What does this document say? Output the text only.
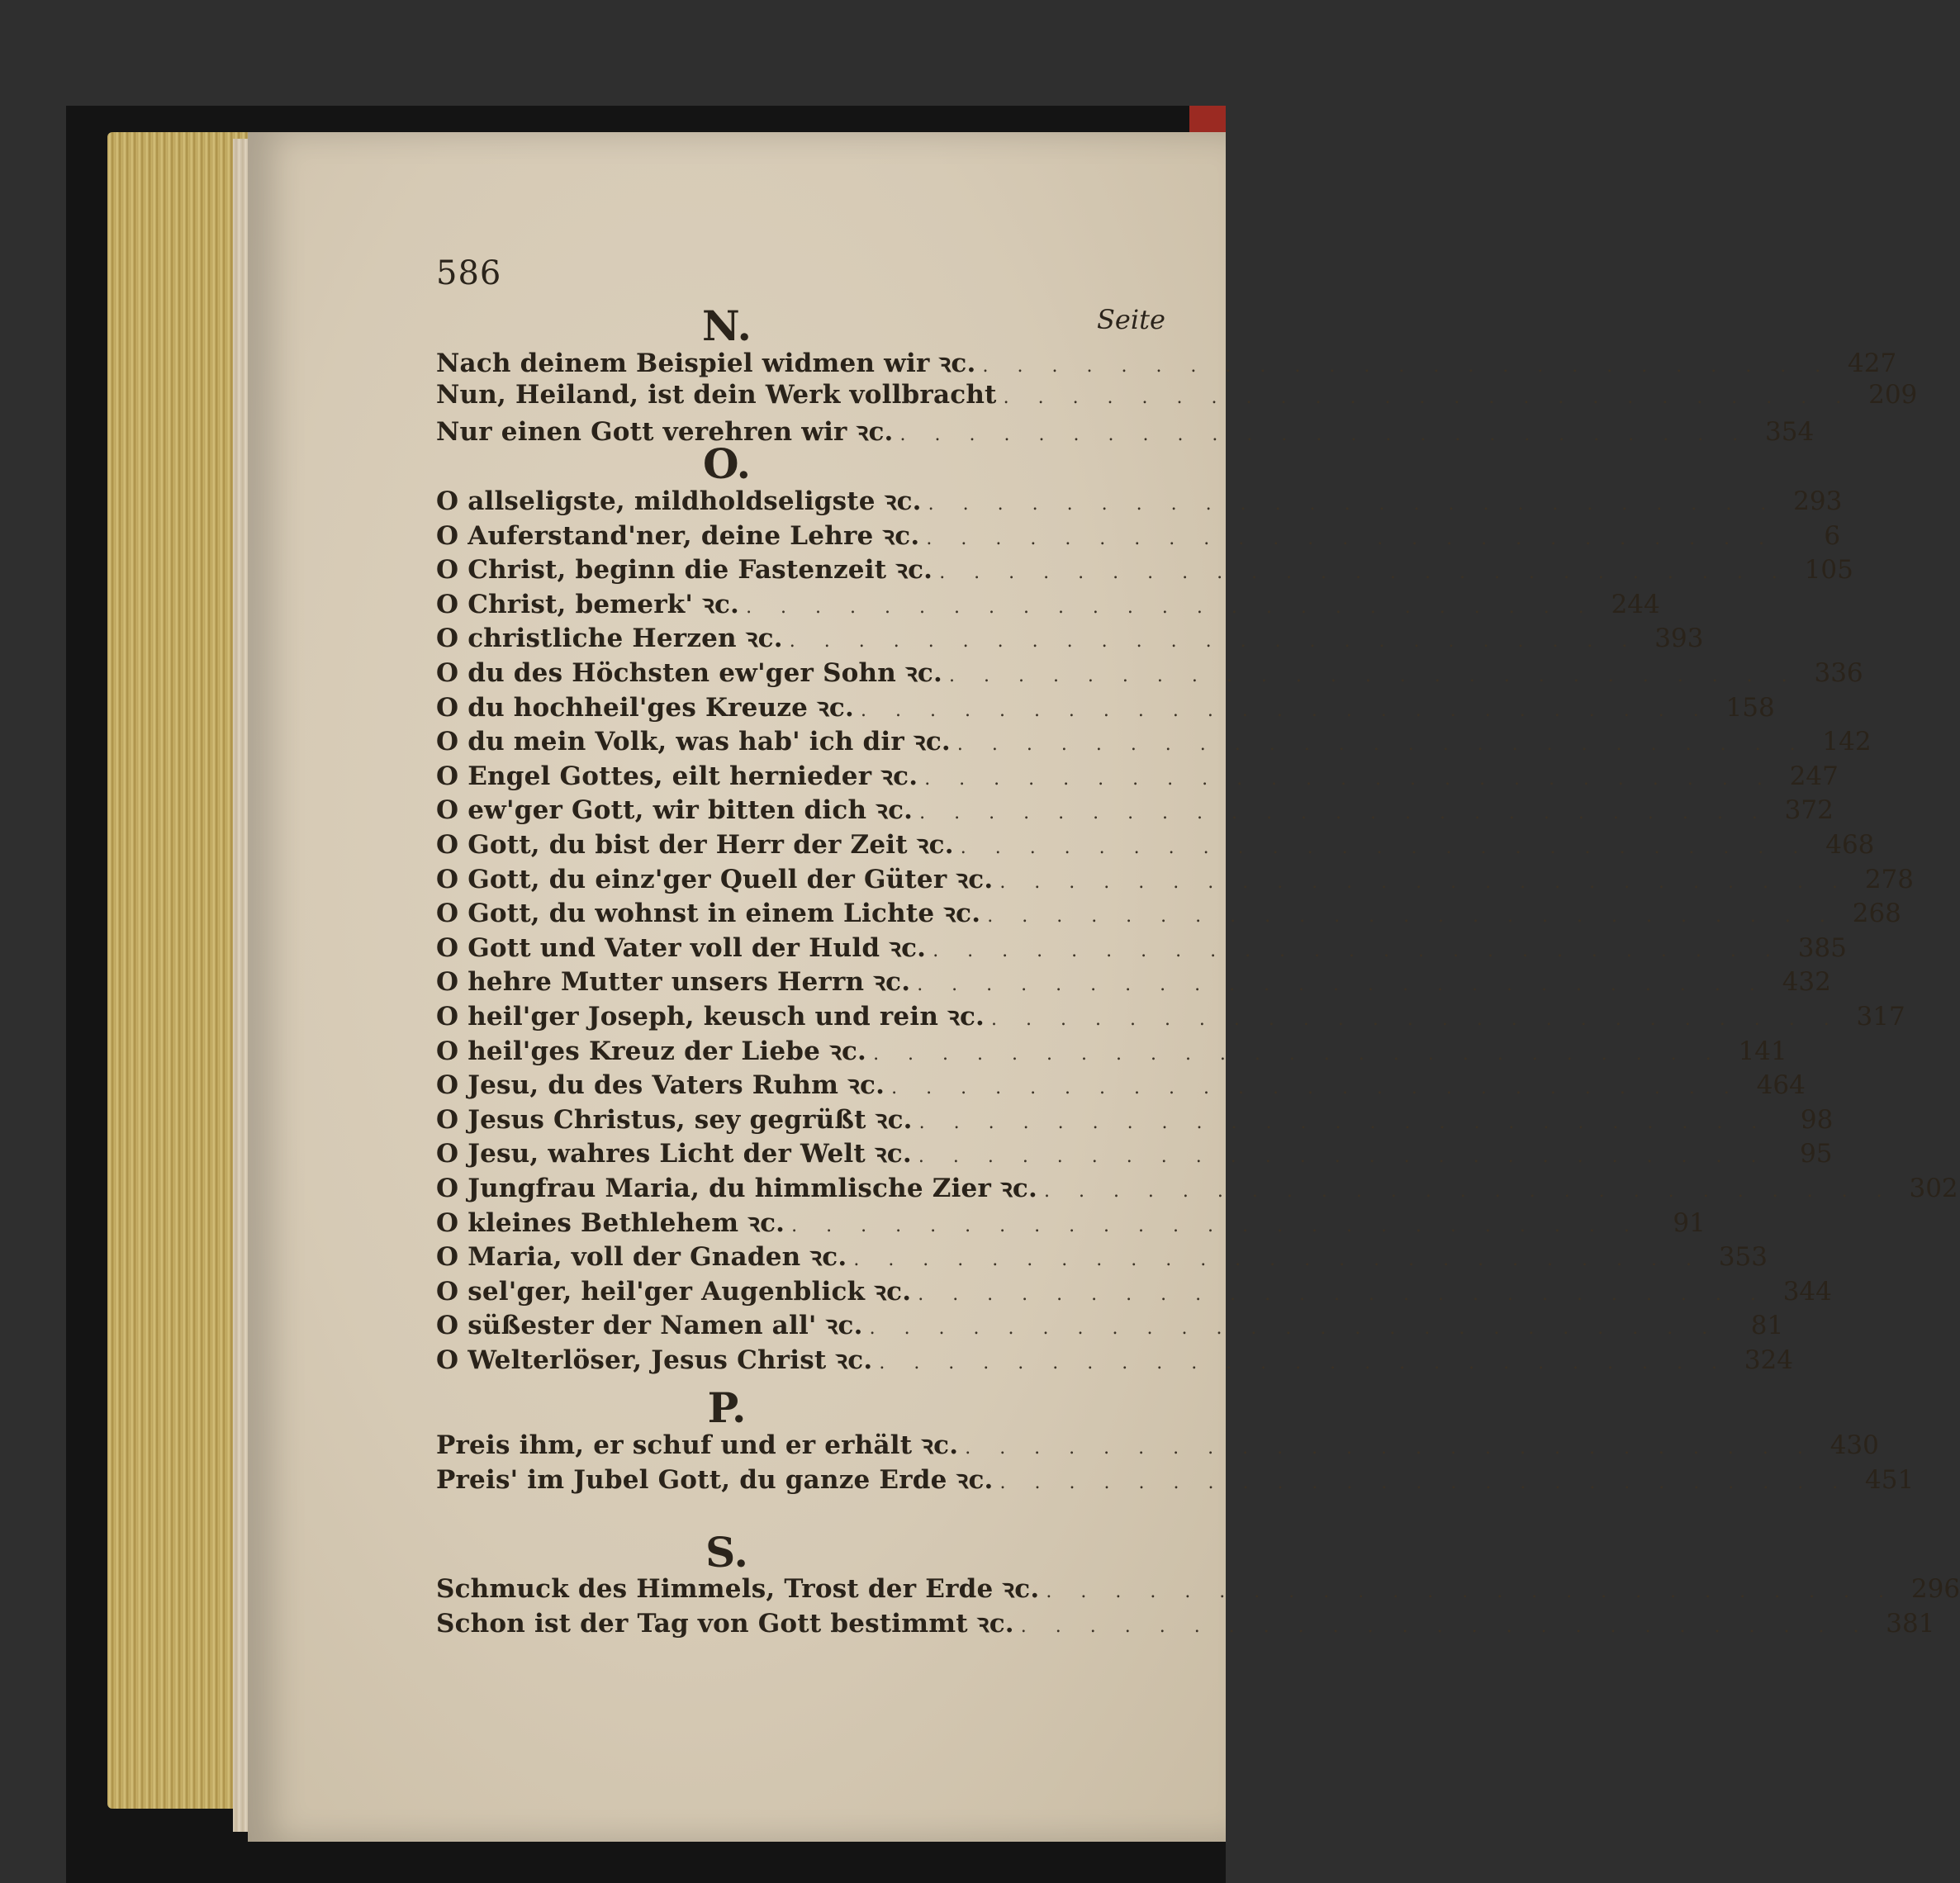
586
Seite
N.
Nach deinem Beispiel widmen wir ꝛc. . . . . . . . . . . . . . . . . . . . . . . . . . 427
Nun, Heiland, ist dein Werk vollbracht . . . . . . . . . . . . . . . . . . . . . . . . . 209
Nur einen Gott verehren wir ꝛc. . . . . . . . . . . . . . . . . . . . . . . . . . 354
O.
O allseligste, mildholdseligste ꝛc. . . . . . . . . . . . . . . . . . . . . . . . . . 293
O Auferstand'ner, deine Lehre ꝛc. . . . . . . . . . . . . . . . . . . . . . . . . .	6
O Christ, beginn die Fastenzeit ꝛc. . . . . . . . . . . . . . . . . . . . . . . . . . 105
O Christ, bemerk' ꝛc. . . . . . . . . . . . . . . . . . . . . . . . . . 244
O christliche Herzen ꝛc. . . . . . . . . . . . . . . . . . . . . . . . . . 393
O du des Höchsten ew'ger Sohn ꝛc. . . . . . . . . . . . . . . . . . . . . . . . . . 336
O du hochheil'ges Kreuze ꝛc. . . . . . . . . . . . . . . . . . . . . . . . . . 158
O du mein Volk, was hab' ich dir ꝛc. . . . . . . . . . . . . . . . . . . . . . . . . . 142
O Engel Gottes, eilt hernieder ꝛc. . . . . . . . . . . . . . . . . . . . . . . . . . 247
O ew'ger Gott, wir bitten dich ꝛc. . . . . . . . . . . . . . . . . . . . . . . . . . 372
O Gott, du bist der Herr der Zeit ꝛc. . . . . . . . . . . . . . . . . . . . . . . . . . 468
O Gott, du einz'ger Quell der Güter ꝛc. . . . . . . . . . . . . . . . . . . . . . . . . . 278
O Gott, du wohnst in einem Lichte ꝛc. . . . . . . . . . . . . . . . . . . . . . . . . . 268
O Gott und Vater voll der Huld ꝛc. . . . . . . . . . . . . . . . . . . . . . . . . . 385
O hehre Mutter unsers Herrn ꝛc. . . . . . . . . . . . . . . . . . . . . . . . . . 432
O heil'ger Joseph, keusch und rein ꝛc. . . . . . . . . . . . . . . . . . . . . . . . . . 317
O heil'ges Kreuz der Liebe ꝛc. . . . . . . . . . . . . . . . . . . . . . . . . . 141
O Jesu, du des Vaters Ruhm ꝛc. . . . . . . . . . . . . . . . . . . . . . . . . . 464
O Jesus Christus, sey gegrüßt ꝛc. . . . . . . . . . . . . . . . . . . . . . . . . .	98
O Jesu, wahres Licht der Welt ꝛc. . . . . . . . . . . . . . . . . . . . . . . . . .	95
O Jungfrau Maria, du himmlische Zier ꝛc. . . . . . . . . . . . . . . . . . . . . . . . . . 302
O kleines Bethlehem ꝛc. . . . . . . . . . . . . . . . . . . . . . . . . .	91
O Maria, voll der Gnaden ꝛc. . . . . . . . . . . . . . . . . . . . . . . . . . 353
O sel'ger, heil'ger Augenblick ꝛc. . . . . . . . . . . . . . . . . . . . . . . . . . 344
O süßester der Namen all' ꝛc. . . . . . . . . . . . . . . . . . . . . . . . . .	81
O Welterlöser, Jesus Christ ꝛc. . . . . . . . . . . . . . . . . . . . . . . . . . 324
P.
Preis ihm, er schuf und er erhält ꝛc. . . . . . . . . . . . . . . . . . . . . . . . . . 430
Preis' im Jubel Gott, du ganze Erde ꝛc. . . . . . . . . . . . . . . . . . . . . . . . . . 451
S.
Schmuck des Himmels, Trost der Erde ꝛc. . . . . . . . . . . . . . . . . . . . . . . . . . 296
Schon ist der Tag von Gott bestimmt ꝛc. . . . . . . . . . . . . . . . . . . . . . . . . . 381
